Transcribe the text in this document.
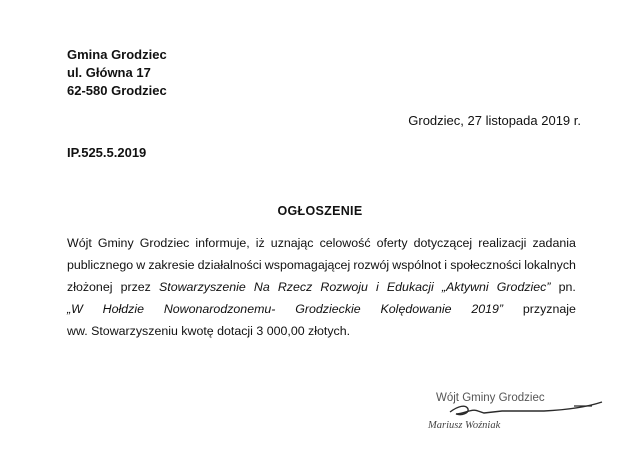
Gmina Grodziec
ul. Główna 17
62-580 Grodziec
Grodziec, 27 listopada 2019 r.
IP.525.5.2019
OGŁOSZENIE
Wójt Gminy Grodziec informuje, iż uznając celowość oferty dotyczącej realizacji zadania
publicznego w zakresie działalności wspomagającej rozwój wspólnot i społeczności lokalnych
złożonej przez Stowarzyszenie Na Rzecz Rozwoju i Edukacji „Aktywni Grodziec” pn.
„W Hołdzie Nowonarodzonemu- Grodzieckie Kolędowanie 2019” przyznaje
ww. Stowarzyszeniu kwotę dotacji 3 000,00 złotych.
Wójt Gminy Grodziec
Mariusz Woźniak
